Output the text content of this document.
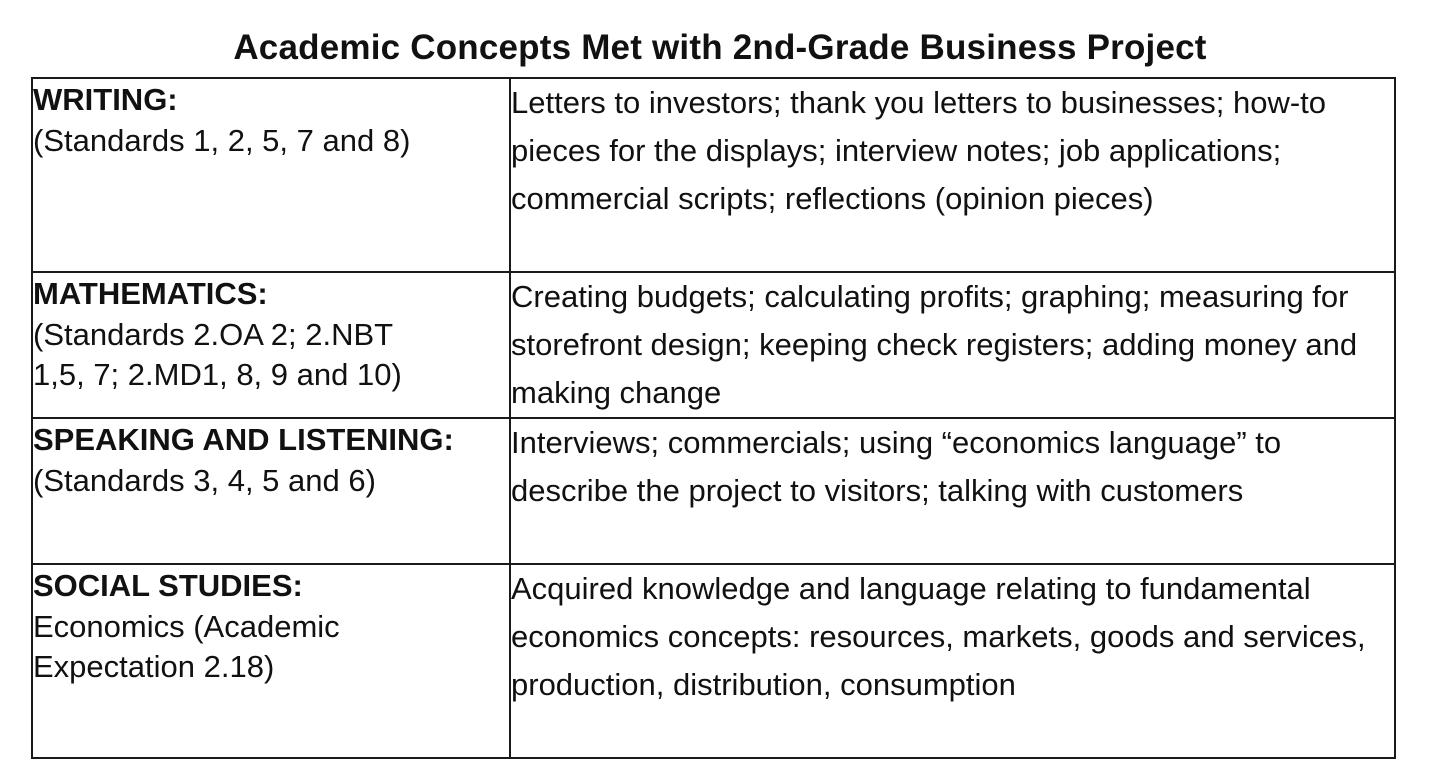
Academic Concepts Met with 2nd-Grade Business Project
WRITING:
(Standards 1, 2, 5, 7 and 8)	Letters to investors; thank you letters to businesses; how-to pieces for the displays; interview notes; job applications; commercial scripts; reflections (opinion pieces)

MATHEMATICS:
(Standards 2.OA 2; 2.NBT
1,5, 7; 2.MD1, 8, 9 and 10)	Creating budgets; calculating profits; graphing; measuring for storefront design; keeping check registers; adding money and making change

SPEAKING AND LISTENING:
(Standards 3, 4, 5 and 6)	Interviews; commercials; using “economics language” to describe the project to visitors; talking with customers

SOCIAL STUDIES:
Economics (Academic
Expectation 2.18)	Acquired knowledge and language relating to fundamental economics concepts: resources, markets, goods and services, production, distribution, consumption
